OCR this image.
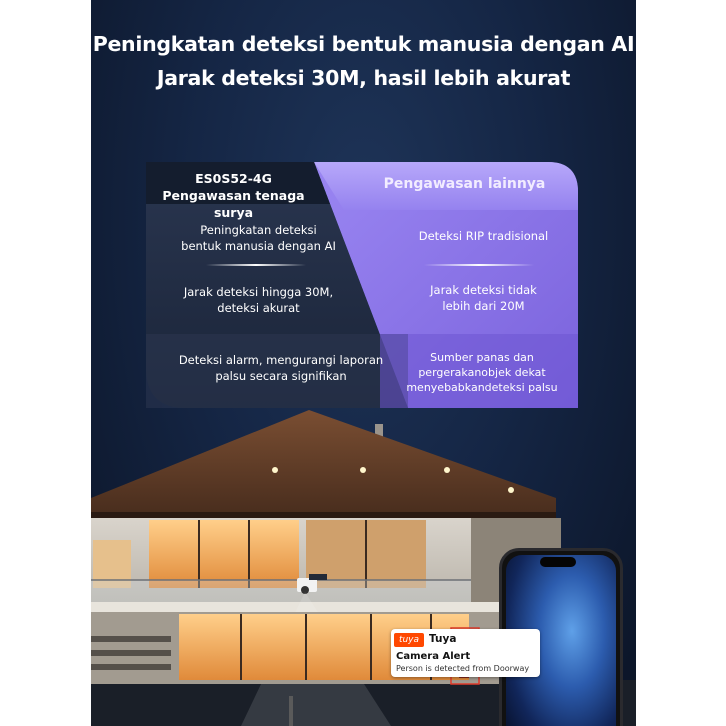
Peningkatan deteksi bentuk manusia dengan AI
Jarak deteksi 30M, hasil lebih akurat
ES0S52-4G
Pengawasan tenaga surya
Pengawasan lainnya
Peningkatan deteksi
bentuk manusia dengan AI
Jarak deteksi hingga 30M,
deteksi akurat
Deteksi alarm, mengurangi laporan
palsu secara signifikan
Deteksi RIP tradisional
Jarak deteksi tidak
lebih dari 20M
Sumber panas dan
pergerakanobjek dekat
menyebabkandeteksi palsu
tuya Tuya
Camera Alert
Person is detected from Doorway
